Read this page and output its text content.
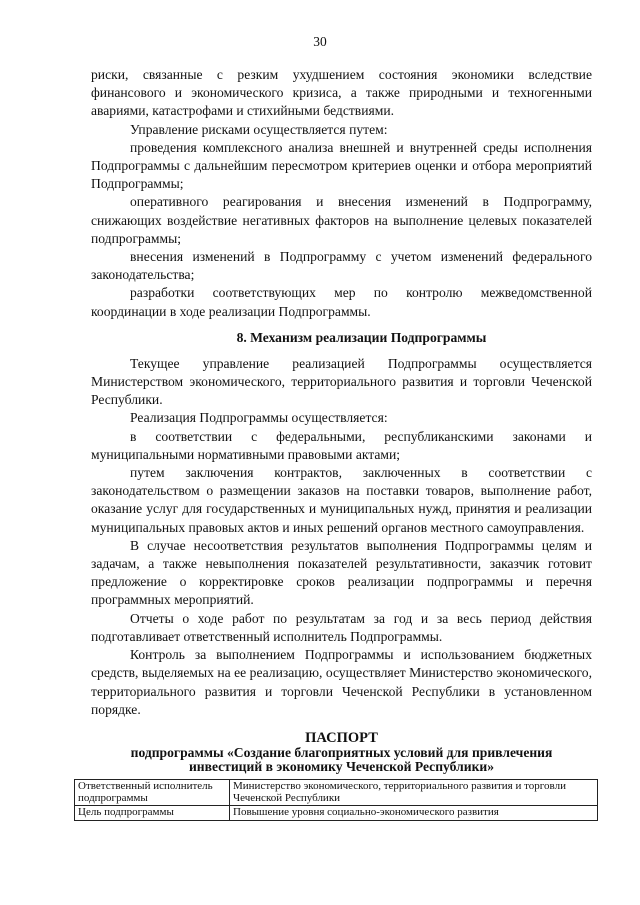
30

риски, связанные с резким ухудшением состояния экономики вследствие финансового и экономического кризиса, а также природными и техногенными авариями, катастрофами и стихийными бедствиями.

Управление рисками осуществляется путем:

проведения комплексного анализа внешней и внутренней среды исполнения Подпрограммы с дальнейшим пересмотром критериев оценки и отбора мероприятий Подпрограммы;

оперативного реагирования и внесения изменений в Подпрограмму, снижающих воздействие негативных факторов на выполнение целевых показателей подпрограммы;

внесения изменений в Подпрограмму с учетом изменений федерального законодательства;

разработки соответствующих мер по контролю межведомственной координации в ходе реализации Подпрограммы.

8. Механизм реализации Подпрограммы

Текущее управление реализацией Подпрограммы осуществляется Министерством экономического, территориального развития и торговли Чеченской Республики.

Реализация Подпрограммы осуществляется:

в соответствии с федеральными, республиканскими законами и муниципальными нормативными правовыми актами;

путем заключения контрактов, заключенных в соответствии с законодательством о размещении заказов на поставки товаров, выполнение работ, оказание услуг для государственных и муниципальных нужд, принятия и реализации муниципальных правовых актов и иных решений органов местного самоуправления.

В случае несоответствия результатов выполнения Подпрограммы целям и задачам, а также невыполнения показателей результативности, заказчик готовит предложение о корректировке сроков реализации подпрограммы и перечня программных мероприятий.

Отчеты о ходе работ по результатам за год и за весь период действия подготавливает ответственный исполнитель Подпрограммы.

Контроль за выполнением Подпрограммы и использованием бюджетных средств, выделяемых на ее реализацию, осуществляет Министерство экономического, территориального развития и торговли Чеченской Республики в установленном порядке.

ПАСПОРТ
подпрограммы «Создание благоприятных условий для привлечения
инвестиций в экономику Чеченской Республики»
Ответственный исполнитель подпрограммы	Министерство экономического, территориального развития и торговли Чеченской Республики
Цель подпрограммы	Повышение уровня социально-экономического развития
